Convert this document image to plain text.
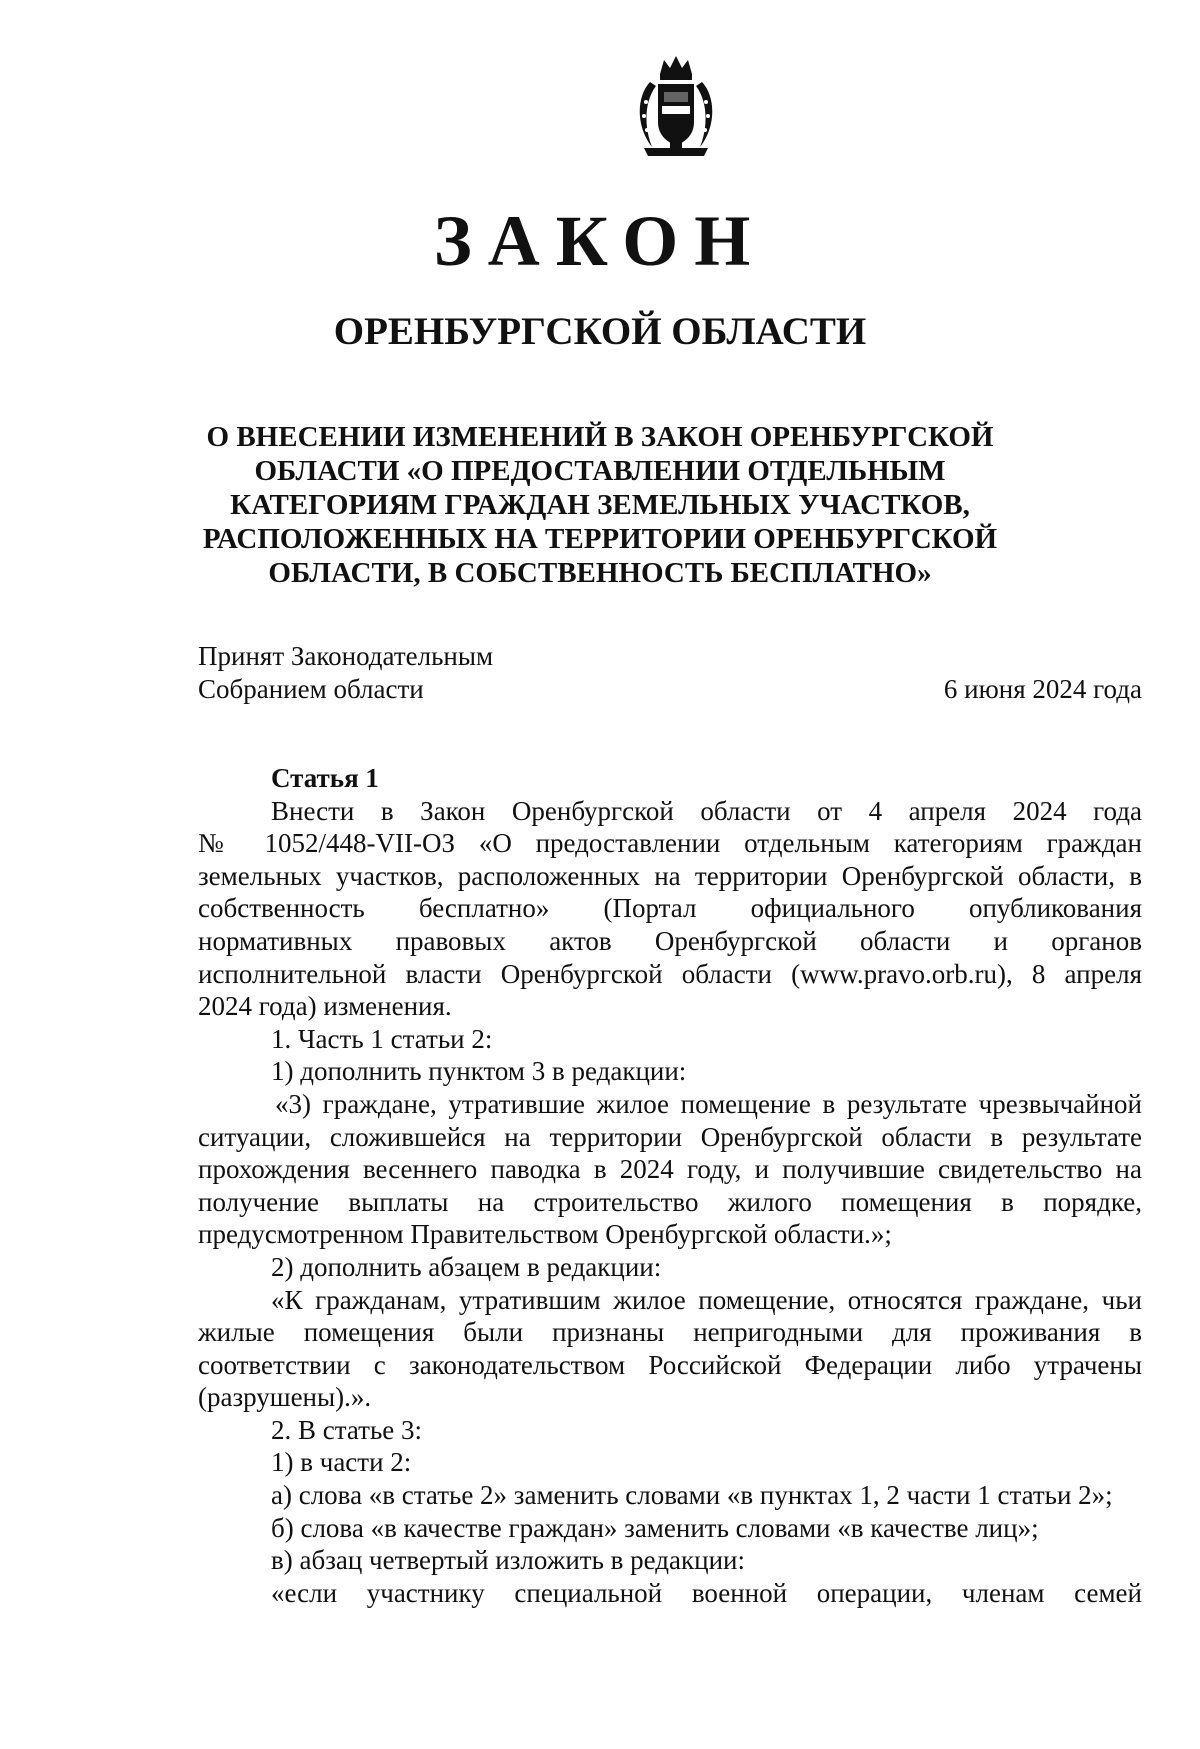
ЗАКОН
ОРЕНБУРГСКОЙ ОБЛАСТИ
О ВНЕСЕНИИ ИЗМЕНЕНИЙ В ЗАКОН ОРЕНБУРГСКОЙ
ОБЛАСТИ «О ПРЕДОСТАВЛЕНИИ ОТДЕЛЬНЫМ
КАТЕГОРИЯМ ГРАЖДАН ЗЕМЕЛЬНЫХ УЧАСТКОВ,
РАСПОЛОЖЕННЫХ НА ТЕРРИТОРИИ ОРЕНБУРГСКОЙ
ОБЛАСТИ, В СОБСТВЕННОСТЬ БЕСПЛАТНО»
Принят Законодательным
Собранием области	6 июня 2024 года
Статья 1
Внести в Закон Оренбургской области от 4 апреля 2024 года
№ 1052/448-VII-ОЗ «О предоставлении отдельным категориям граждан
земельных участков, расположенных на территории Оренбургской области, в
собственность бесплатно» (Портал официального опубликования
нормативных правовых актов Оренбургской области и органов
исполнительной власти Оренбургской области (www.pravo.orb.ru), 8 апреля
2024 года) изменения.
1. Часть 1 статьи 2:
1) дополнить пунктом 3 в редакции:
«3) граждане, утратившие жилое помещение в результате чрезвычайной
ситуации, сложившейся на территории Оренбургской области в результате
прохождения весеннего паводка в 2024 году, и получившие свидетельство на
получение выплаты на строительство жилого помещения в порядке,
предусмотренном Правительством Оренбургской области.»;
2) дополнить абзацем в редакции:
«К гражданам, утратившим жилое помещение, относятся граждане, чьи
жилые помещения были признаны непригодными для проживания в
соответствии с законодательством Российской Федерации либо утрачены
(разрушены).».
2. В статье 3:
1) в части 2:
а) слова «в статье 2» заменить словами «в пунктах 1, 2 части 1 статьи 2»;
б) слова «в качестве граждан» заменить словами «в качестве лиц»;
в) абзац четвертый изложить в редакции:
«если участнику специальной военной операции, членам семей
